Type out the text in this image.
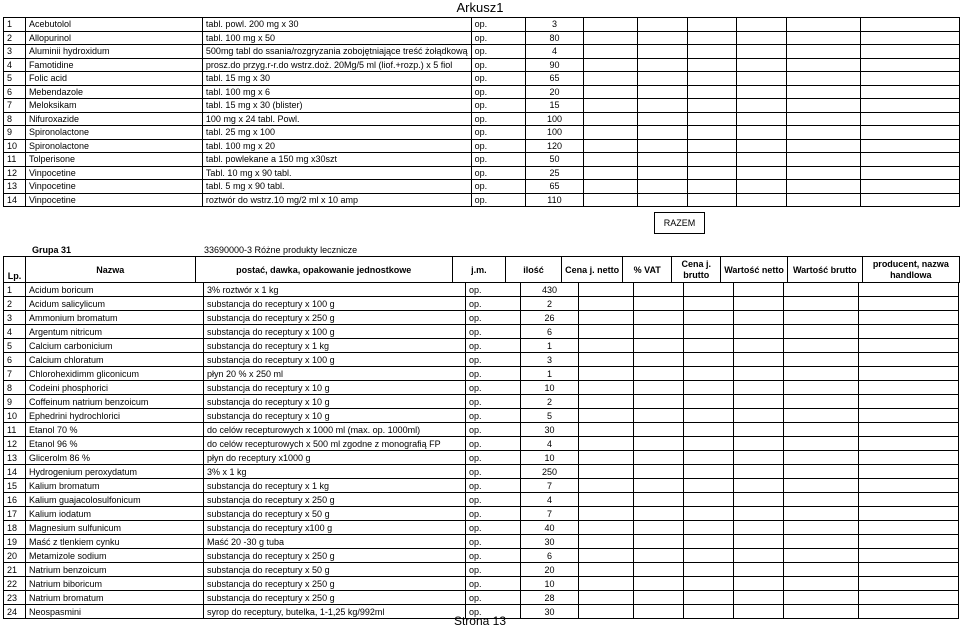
Arkusz1
1	Acebutolol	tabl. powl. 200 mg x 30	op.	3						
2	Allopurinol	tabl. 100 mg x 50	op.	80						
3	Aluminii hydroxidum	500mg tabl do ssania/rozgryzania zobojętniające treść żołądkową	op.	4						
4	Famotidine	prosz.do przyg.r-r.do wstrz.doż. 20Mg/5 ml (liof.+rozp.) x 5 fiol	op.	90						
5	Folic acid	tabl. 15 mg x 30	op.	65						
6	Mebendazole	tabl. 100 mg x 6	op.	20						
7	Meloksikam	tabl. 15 mg x 30 (blister)	op.	15						
8	Nifuroxazide	100 mg x 24 tabl. Powl.	op.	100						
9	Spironolactone	tabl. 25 mg x 100	op.	100						
10	Spironolactone	tabl. 100 mg x 20	op.	120						
11	Tolperisone	tabl. powlekane a 150 mg x30szt	op.	50						
12	Vinpocetine	Tabl. 10 mg x 90 tabl.	op.	25						
13	Vinpocetine	tabl. 5 mg x 90 tabl.	op.	65						
14	Vinpocetine	roztwór do wstrz.10 mg/2 ml x 10 amp	op.	110						
RAZEM
Grupa 31	33690000-3 Różne produkty lecznicze
Lp.	Nazwa	postać, dawka, opakowanie jednostkowe	j.m.	ilość	Cena j. netto	% VAT	Cena j. brutto	Wartość netto	Wartość brutto	producent, nazwa handlowa
1	Acidum boricum	3% roztwór x 1 kg	op.	430						
2	Acidum salicylicum	substancja do receptury x 100 g	op.	2						
3	Ammonium bromatum	substancja do receptury x 250 g	op.	26						
4	Argentum nitricum	substancja do receptury x 100 g	op.	6						
5	Calcium carbonicium	substancja do receptury x 1 kg	op.	1						
6	Calcium chloratum	substancja do receptury x 100 g	op.	3						
7	Chlorohexidimm gliconicum	płyn 20 % x 250 ml	op.	1						
8	Codeini phosphorici	substancja do receptury x 10 g	op.	10						
9	Coffeinum natrium benzoicum	substancja do receptury x 10 g	op.	2						
10	Ephedrini hydrochlorici	substancja do receptury x 10 g	op.	5						
11	Etanol 70 %	do celów recepturowych x 1000 ml (max. op. 1000ml)	op.	30						
12	Etanol 96 %	do celów recepturowych x 500 ml zgodne z monografią FP	op.	4						
13	Glicerolm 86 %	płyn do receptury x1000 g	op.	10						
14	Hydrogenium peroxydatum	3% x 1 kg	op.	250						
15	Kalium bromatum	substancja do receptury x 1 kg	op.	7						
16	Kalium guajacolosulfonicum	substancja do receptury x 250 g	op.	4						
17	Kalium iodatum	substancja do receptury x 50 g	op.	7						
18	Magnesium sulfunicum	substancja do receptury x100 g	op.	40						
19	Maść z tlenkiem cynku	Maść 20 -30 g tuba	op.	30						
20	Metamizole sodium	substancja do receptury x 250 g	op.	6						
21	Natrium benzoicum	substancja do receptury x 50 g	op.	20						
22	Natrium biboricum	substancja do receptury x 250 g	op.	10						
23	Natrium bromatum	substancja do receptury x 250 g	op.	28						
24	Neospasmini	syrop do receptury, butelka, 1-1,25 kg/992ml	op.	30						
Strona 13
